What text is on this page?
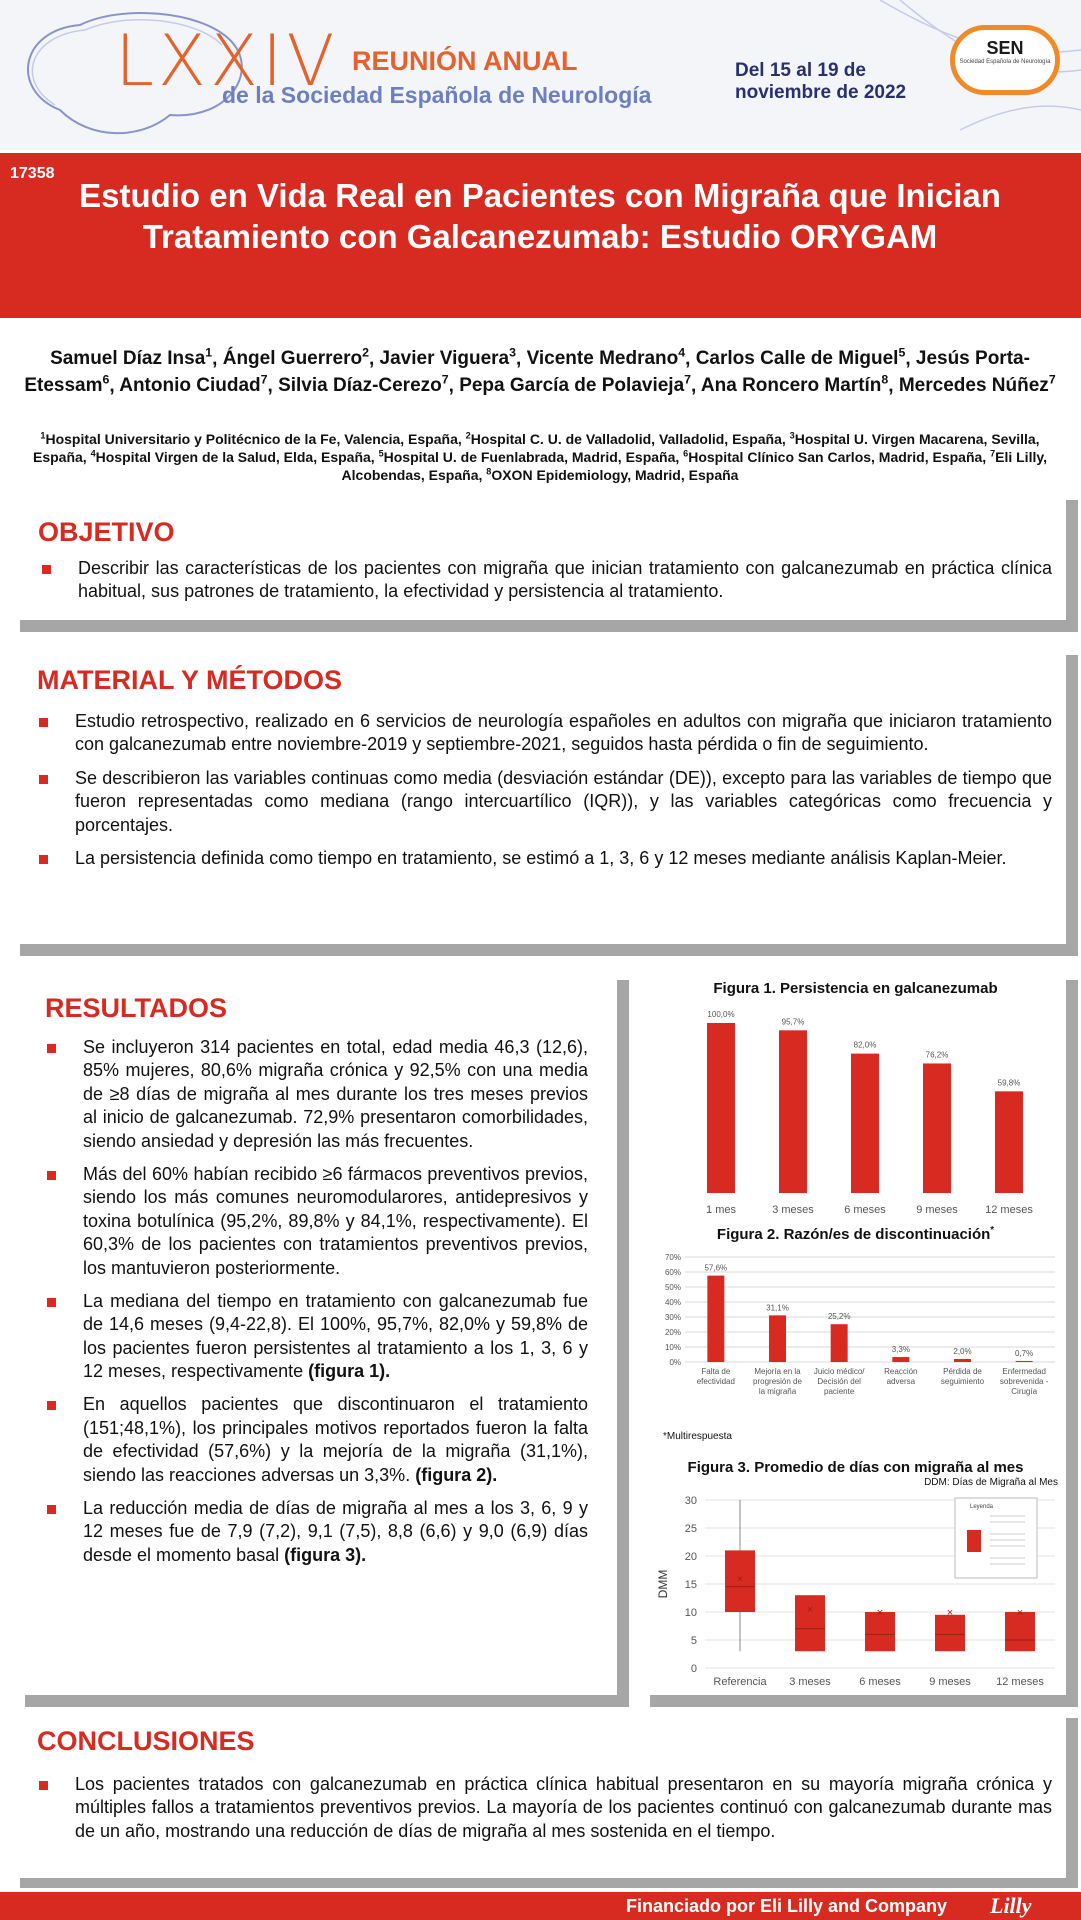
LXXIV REUNIÓN ANUAL
de la Sociedad Española de Neurología
Del 15 al 19 de
noviembre de 2022
SEN
Sociedad Española de Neurología
17358
Estudio en Vida Real en Pacientes con Migraña que Inician Tratamiento con Galcanezumab: Estudio ORYGAM
Samuel Díaz Insa$^1$, Ángel Guerrero$^2$, Javier Viguera$^3$, Vicente Medrano$^4$, Carlos Calle de Miguel$^5$, Jesús Porta-Etessam$^6$, Antonio Ciudad$^7$, Silvia Díaz-Cerezo$^7$, Pepa García de Polavieja$^7$, Ana Roncero Martín$^8$, Mercedes Núñez$^7$
$^1$Hospital Universitario y Politécnico de la Fe, Valencia, España, $^2$Hospital C. U. de Valladolid, Valladolid, España, $^3$Hospital U. Virgen Macarena, Sevilla, España, $^4$Hospital Virgen de la Salud, Elda, España, $^5$Hospital U. de Fuenlabrada, Madrid, España, $^6$Hospital Clínico San Carlos, Madrid, España, $^7$Eli Lilly, Alcobendas, España, $^8$OXON Epidemiology, Madrid, España
OBJETIVO
Describir las características de los pacientes con migraña que inician tratamiento con galcanezumab en práctica clínica habitual, sus patrones de tratamiento, la efectividad y persistencia al tratamiento.
MATERIAL Y MÉTODOS
Estudio retrospectivo, realizado en 6 servicios de neurología españoles en adultos con migraña que iniciaron tratamiento con galcanezumab entre noviembre-2019 y septiembre-2021, seguidos hasta pérdida o fin de seguimiento.
Se describieron las variables continuas como media (desviación estándar (DE)), excepto para las variables de tiempo que fueron representadas como mediana (rango intercuartílico (IQR)), y las variables categóricas como frecuencia y porcentajes.
La persistencia definida como tiempo en tratamiento, se estimó a 1, 3, 6 y 12 meses mediante análisis Kaplan-Meier.
RESULTADOS
Se incluyeron 314 pacientes en total, edad media 46,3 (12,6), 85% mujeres, 80,6% migraña crónica y 92,5% con una media de ≥8 días de migraña al mes durante los tres meses previos al inicio de galcanezumab. 72,9% presentaron comorbilidades, siendo ansiedad y depresión las más frecuentes.
Más del 60% habían recibido ≥6 fármacos preventivos previos, siendo los más comunes neuromodularores, antidepresivos y toxina botulínica (95,2%, 89,8% y 84,1%, respectivamente). El 60,3% de los pacientes con tratamientos preventivos previos, los mantuvieron posteriormente.
La mediana del tiempo en tratamiento con galcanezumab fue de 14,6 meses (9,4-22,8). El 100%, 95,7%, 82,0% y 59,8% de los pacientes fueron persistentes al tratamiento a los 1, 3, 6 y 12 meses, respectivamente (figura 1).
En aquellos pacientes que discontinuaron el tratamiento (151;48,1%), los principales motivos reportados fueron la falta de efectividad (57,6%) y la mejoría de la migraña (31,1%), siendo las reacciones adversas un 3,3%. (figura 2).
La reducción media de días de migraña al mes a los 3, 6, 9 y 12 meses fue de 7,9 (7,2), 9,1 (7,5), 8,8 (6,6) y 9,0 (6,9) días desde el momento basal (figura 3).
Figura 1. Persistencia en galcanezumab
100,0%
1 mes
95,7%
3 meses
82,0%
6 meses
76,2%
9 meses
59,8%
12 meses
Figura 2. Razón/es de discontinuación*
0%
10%
20%
30%
40%
50%
60%
70%
57,6%
Falta de efectividad
31,1%
Mejoría en la progresión de la migraña
25,2%
Juicio médico/ Decisión del paciente
3,3%
Reacción adversa
2,0%
Pérdida de seguimiento
0,7%
Enfermedad sobrevenida -Cirugía
*Multirespuesta
Figura 3. Promedio de días con migraña al mes
DDM: Días de Migraña al Mes
DMM
0
5
10
15
20
25
30
×
Referencia
×
3 meses
×
6 meses
×
9 meses
×
12 meses
Leyenda
CONCLUSIONES
Los pacientes tratados con galcanezumab en práctica clínica habitual presentaron en su mayoría migraña crónica y múltiples fallos a tratamientos preventivos previos. La mayoría de los pacientes continuó con galcanezumab durante mas de un año, mostrando una reducción de días de migraña al mes sostenida en el tiempo.
Financiado por Eli Lilly and Company Lilly
